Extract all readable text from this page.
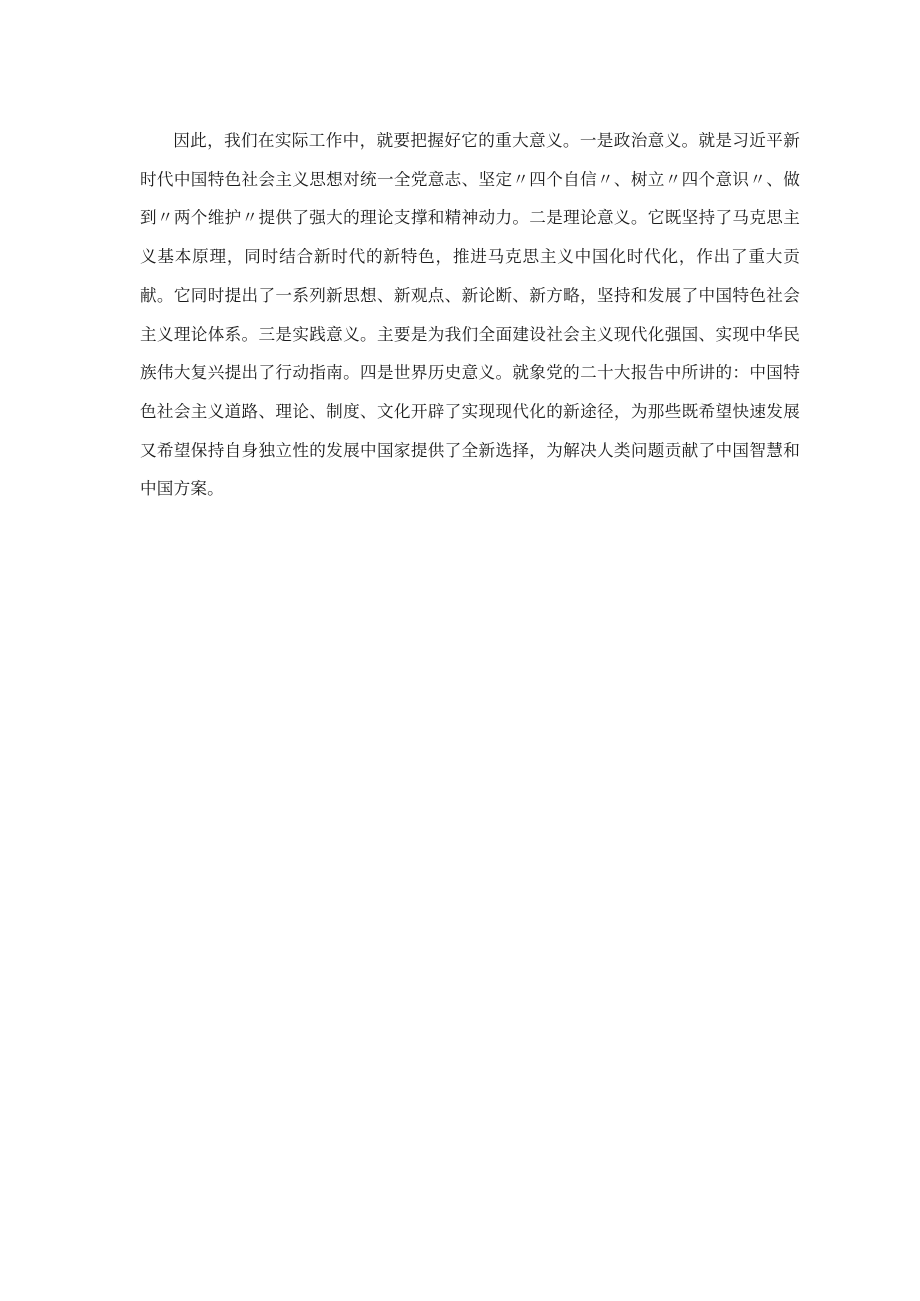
因此，我们在实际工作中，就要把握好它的重大意义。一是政治意义。就是习近平新时代中国特色社会主义思想对统一全党意志、坚定〃四个自信〃、树立〃四个意识〃、做到〃两个维护〃提供了强大的理论支撑和精神动力。二是理论意义。它既坚持了马克思主义基本原理，同时结合新时代的新特色，推进马克思主义中国化时代化，作出了重大贡献。它同时提出了一系列新思想、新观点、新论断、新方略，坚持和发展了中国特色社会主义理论体系。三是实践意义。主要是为我们全面建设社会主义现代化强国、实现中华民族伟大复兴提出了行动指南。四是世界历史意义。就象党的二十大报告中所讲的：中国特色社会主义道路、理论、制度、文化开辟了实现现代化的新途径，为那些既希望快速发展又希望保持自身独立性的发展中国家提供了全新选择，为解决人类问题贡献了中国智慧和中国方案。
